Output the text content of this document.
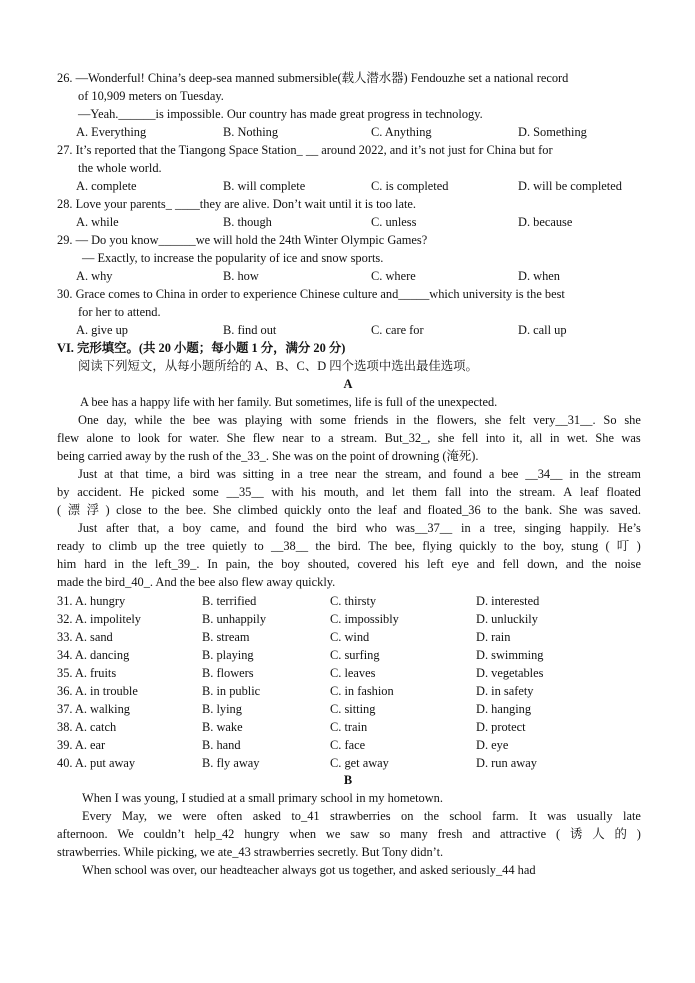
26. —Wonderful! China’s deep-sea manned submersible(载人潜水器) Fendouzhe set a national record
of 10,909 meters on Tuesday.
—Yeah.______is impossible. Our country has made great progress in technology.
A. Everything	B. Nothing	C. Anything	D. Something
27. It’s reported that the Tiangong Space Station_ __ around 2022, and it’s not just for China but for
the whole world.
A. complete	B. will complete	C. is completed	D. will be completed
28. Love your parents_ ____they are alive. Don’t wait until it is too late.
A. while	B. though	C. unless	D. because
29. — Do you know______we will hold the 24th Winter Olympic Games?
— Exactly, to increase the popularity of ice and snow sports.
A. why	B. how	C. where	D. when
30. Grace comes to China in order to experience Chinese culture and_____which university is the best
for her to attend.
A. give up	B. find out	C. care for	D. call up
VI. 完形填空。(共 20 小题；每小题 1 分，满分 20 分)
阅读下列短文，从每小题所给的 A、B、C、D 四个选项中选出最佳选项。
A
A bee has a happy life with her family. But sometimes, life is full of the unexpected.
One day, while the bee was playing with some friends in the flowers, she felt very__31__. So she
flew alone to look for water. She flew near to a stream. But_32_, she fell into it, all in wet. She was
being carried away by the rush of the_33_. She was on the point of drowning (淹死).
Just at that time, a bird was sitting in a tree near the stream, and found a bee __34__ in the stream
by accident. He picked some __35__ with his mouth, and let them fall into the stream. A leaf floated
( 漂 浮 ) close to the bee. She climbed quickly onto the leaf and floated_36 to the bank. She was saved.
Just after that, a boy came, and found the bird who was__37__ in a tree, singing happily. He’s
ready to climb up the tree quietly to __38__ the bird. The bee, flying quickly to the boy, stung ( 叮 )
him hard in the left_39_. In pain, the boy shouted, covered his left eye and fell down, and the noise
made the bird_40_. And the bee also flew away quickly.
31. A. hungry	B. terrified	C. thirsty	D. interested
32. A. impolitely	B. unhappily	C. impossibly	D. unluckily
33. A. sand	B. stream	C. wind	D. rain
34. A. dancing	B. playing	C. surfing	D. swimming
35. A. fruits	B. flowers	C. leaves	D. vegetables
36. A. in trouble	B. in public	C. in fashion	D. in safety
37. A. walking	B. lying	C. sitting	D. hanging
38. A. catch	B. wake	C. train	D. protect
39. A. ear	B. hand	C. face	D. eye
40. A. put away	B. fly away	C. get away	D. run away
B
When I was young, I studied at a small primary school in my hometown.
Every May, we were often asked to_41 strawberries on the school farm. It was usually late
afternoon. We couldn’t help_42 hungry when we saw so many fresh and attractive ( 诱 人 的 )
strawberries. While picking, we ate_43 strawberries secretly. But Tony didn’t.
When school was over, our headteacher always got us together, and asked seriously_44 had
